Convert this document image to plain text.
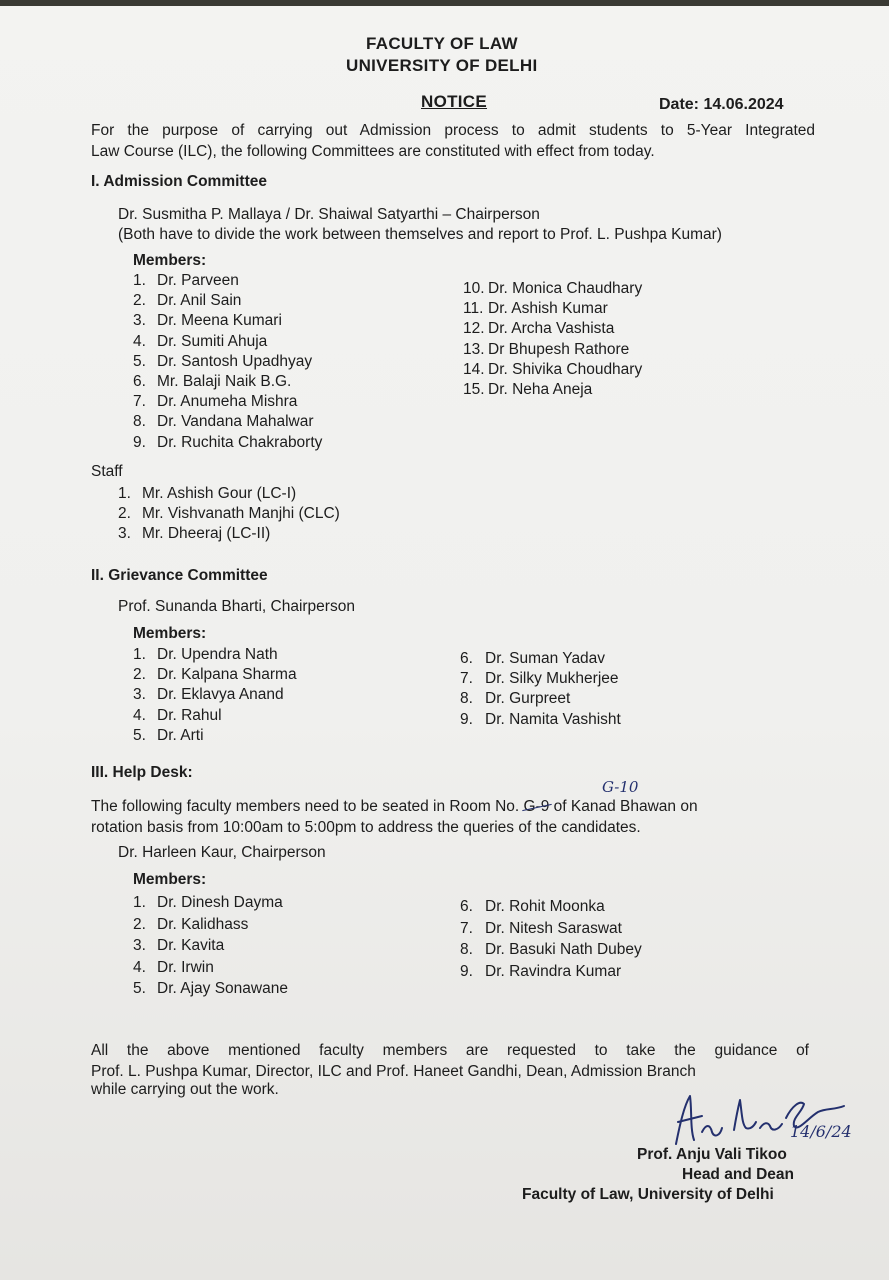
FACULTY OF LAW
UNIVERSITY OF DELHI
NOTICE	Date: 14.06.2024
For the purpose of carrying out Admission process to admit students to 5-Year Integrated
Law Course (ILC), the following Committees are constituted with effect from today.
I. Admission Committee
Dr. Susmitha P. Mallaya / Dr. Shaiwal Satyarthi – Chairperson
(Both have to divide the work between themselves and report to Prof. L. Pushpa Kumar)
Members:
1. Dr. Parveen
2. Dr. Anil Sain
3. Dr. Meena Kumari
4. Dr. Sumiti Ahuja
5. Dr. Santosh Upadhyay
6. Mr. Balaji Naik B.G.
7. Dr. Anumeha Mishra
8. Dr. Vandana Mahalwar
9. Dr. Ruchita Chakraborty
10. Dr. Monica Chaudhary
11. Dr. Ashish Kumar
12. Dr. Archa Vashista
13. Dr Bhupesh Rathore
14. Dr. Shivika Choudhary
15. Dr. Neha Aneja
Staff
1. Mr. Ashish Gour (LC-I)
2. Mr. Vishvanath Manjhi (CLC)
3. Mr. Dheeraj (LC-II)
II. Grievance Committee
Prof. Sunanda Bharti, Chairperson
Members:
1. Dr. Upendra Nath
2. Dr. Kalpana Sharma
3. Dr. Eklavya Anand
4. Dr. Rahul
5. Dr. Arti
6. Dr. Suman Yadav
7. Dr. Silky Mukherjee
8. Dr. Gurpreet
9. Dr. Namita Vashisht
III. Help Desk:
G-10
The following faculty members need to be seated in Room No. G-9 of Kanad Bhawan on
rotation basis from 10:00am to 5:00pm to address the queries of the candidates.
Dr. Harleen Kaur, Chairperson
Members:
1. Dr. Dinesh Dayma
2. Dr. Kalidhass
3. Dr. Kavita
4. Dr. Irwin
5. Dr. Ajay Sonawane
6. Dr. Rohit Moonka
7. Dr. Nitesh Saraswat
8. Dr. Basuki Nath Dubey
9. Dr. Ravindra Kumar
All the above mentioned faculty members are requested to take the guidance of
Prof. L. Pushpa Kumar, Director, ILC and Prof. Haneet Gandhi, Dean, Admission Branch
while carrying out the work.
14/6/24
Prof. Anju Vali Tikoo
Head and Dean
Faculty of Law, University of Delhi
